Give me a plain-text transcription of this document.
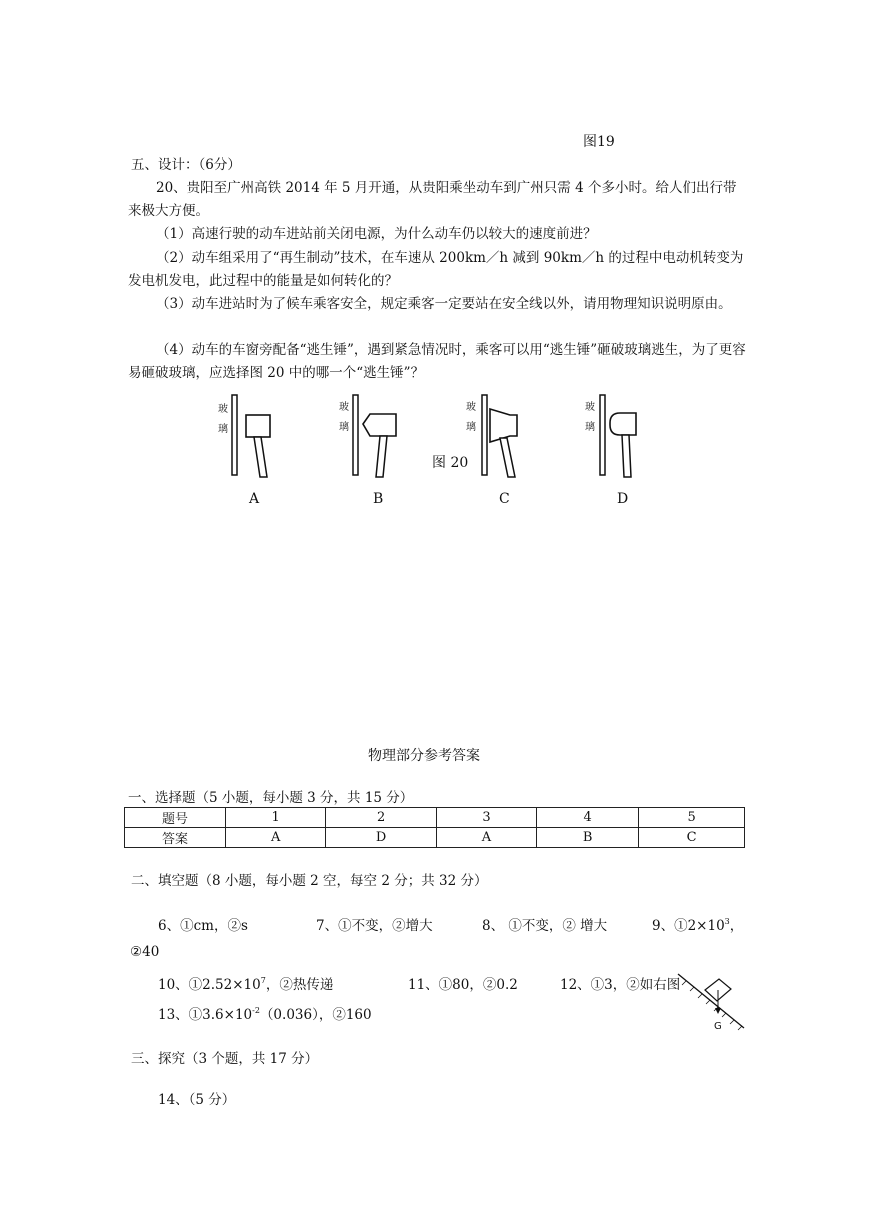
图19
五、设计：（6分）
20、贵阳至广州高铁 2014 年 5 月开通，从贵阳乘坐动车到广州只需 4 个多小时。给人们出行带来极大方便。
（1）高速行驶的动车进站前关闭电源，为什么动车仍以较大的速度前进？
（2）动车组采用了“再生制动”技术，在车速从 200km／h 减到 90km／h 的过程中电动机转变为发电机发电，此过程中的能量是如何转化的？
（3）动车进站时为了候车乘客安全，规定乘客一定要站在安全线以外，请用物理知识说明原由。
（4）动车的车窗旁配备“逃生锤”，遇到紧急情况时，乘客可以用“逃生锤”砸破玻璃逃生，为了更容易砸破玻璃，应选择图 20 中的哪一个“逃生锤”？
玻
璃
玻
璃
玻
璃
玻
璃
图 20
A	B	C	D
物理部分参考答案
一、选择题（5 小题，每小题 3 分，共 15 分）
题号	1	2	3	4	5
答案	A	D	A	B	C
二、填空题（8 小题，每小题 2 空，每空 2 分；共 32 分）
6、①cm，②s	7、①不变，②增大	8、 ①不变，② 增大	9、$①2\times 10^3$，
②40
10、$①2.52\times 10^7$，②热传递	11、①80，②0.2	12、①3，②如右图
13、$①3.6\times 10^{-2}(0.036)$，②160
G
三、探究（3 个题，共 17 分）
14、（5 分）
